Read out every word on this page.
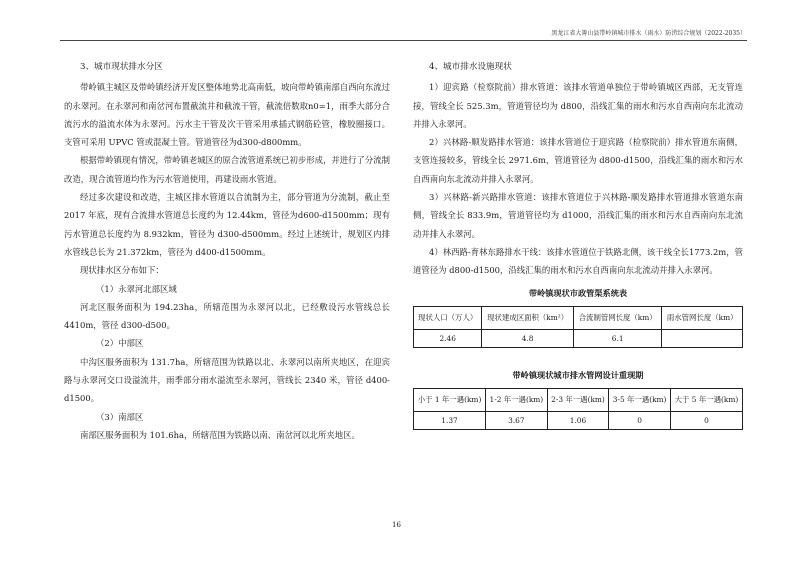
黑龙江省大箐山县带岭镇城市排水（雨水）防涝综合规划（2022-2035）

3、城市现状排水分区

带岭镇主城区及带岭镇经济开发区整体地势北高南低，坡向带岭镇南部自西向东流过的永翠河。在永翠河和南岔河布置截流井和截流干管，截流倍数取n0=1，雨季大部分合流污水的溢流水体为永翠河。污水主干管及次干管采用承插式钢筋砼管，橡胶圈接口。支管可采用 UPVC 管或混凝土管。管道管径为d300-d800mm。

根据带岭镇现有情况，带岭镇老城区的原合流管道系统已初步形成，并进行了分流制改造，现合流管道均作为污水管道使用，再建设雨水管道。

经过多次建设和改造，主城区排水管道以合流制为主，部分管道为分流制，截止至 2017 年底，现有合流排水管道总长度约为 12.44km，管径为d600-d1500mm；现有污水管道总长度约为 8.932km，管径为 d300-d500mm。经过上述统计，规划区内排水管线总长为 21.372km，管径为 d400-d1500mm。

现状排水区分布如下：

（1）永翠河北部区域

河北区服务面积为 194.23ha，所辖范围为永翠河以北，已经敷设污水管线总长 4410m，管径 d300-d500。

（2）中部区

中沟区服务面积为 131.7ha，所辖范围为铁路以北、永翠河以南所夹地区，在迎宾路与永翠河交口设溢流井，雨季部分雨水溢流至永翠河，管线长 2340 米，管径 d400-d1500。

（3）南部区

南部区服务面积为 101.6ha，所辖范围为铁路以南、南岔河以北所夹地区。

4、城市排水设施现状

1）迎宾路（检察院前）排水管道：该排水管道单独位于带岭镇城区西部，无支管连接，管线全长 525.3m，管道管径均为 d800，沿线汇集的雨水和污水自西南向东北流动并排入永翠河。

2）兴林路-顺发路排水管道：该排水管道位于迎宾路（检察院前）排水管道东南侧，支管连接较多，管线全长 2971.6m，管道管径为 d800-d1500，沿线汇集的雨水和污水自西南向东北流动并排入永翠河。

3）兴林路-新兴路排水管道：该排水管道位于兴林路-顺发路排水管道排水管道东南侧，管线全长 833.9m，管道管径均为 d1000，沿线汇集的雨水和污水自西南向东北流动并排入永翠河。

4）林西路-育林东路排水干线：该排水管道位于铁路北侧，该干线全长1773.2m，管道管径为 d800-d1500，沿线汇集的雨水和污水自西南向东北流动并排入永翠河。

带岭镇现状市政管渠系统表

现状人口（万人）	现状建成区面积（km²）	合流制管网长度（km）	雨水管网长度（km）
2.46	4.8	6.1	

带岭镇现状城市排水管网设计重现期

小于 1 年一遇(km)	1-2 年一遇(km)	2-3 年一遇(km)	3-5 年一遇(km)	大于 5 年一遇(km)
1.37	3.67	1.06	0	0
16
